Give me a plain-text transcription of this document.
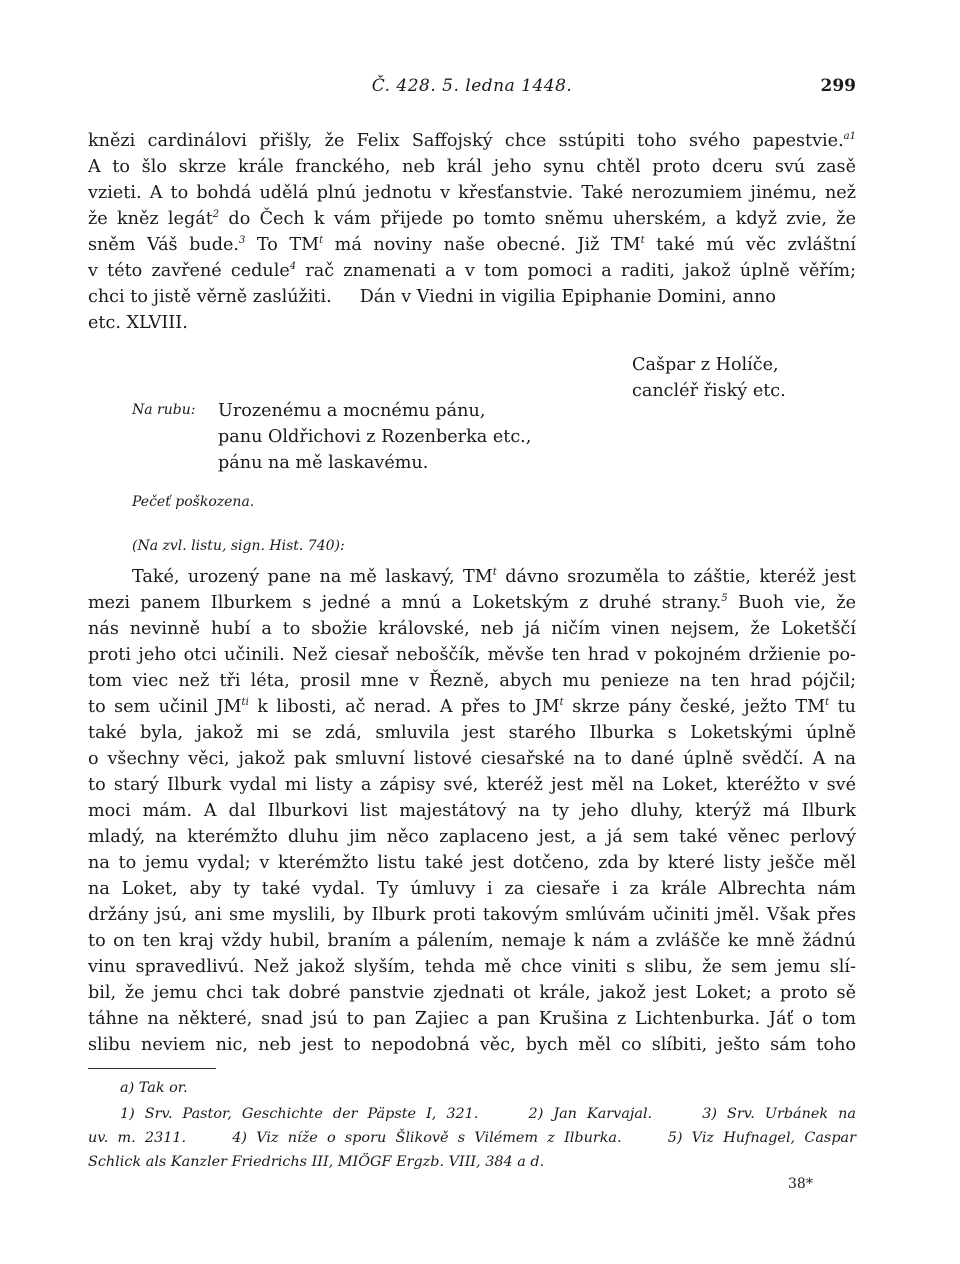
Č. 428. 5. ledna 1448.	299
knězi cardinálovi přišly, že Felix Saffojský chce sstúpiti toho svého papestvie.$^{a1}$
A to šlo skrze krále franckého, neb král jeho synu chtěl proto dceru svú zasě
vzieti. A to bohdá udělá plnú jednotu v křesťanstvie. Také nerozumiem jinému, než
že kněz legát$^2$ do Čech k vám přijede po tomto sněmu uherském, a když zvie, že
sněm Váš bude.$^3$ To $TM^t$ má noviny naše obecné. Již $TM^t$ také mú věc zvláštní
v této zavřené cedule$^4$ rač znamenati a v tom pomoci a raditi, jakož úplně věřím;
chci to jistě věrně zaslúžiti.     Dán v Viedni in vigilia Epiphanie Domini, anno
etc. XLVIII.
Cašpar z Holíče,
cancléř řiský etc.
Na rubu: Urozenému a mocnému pánu,
panu Oldřichovi z Rozenberka etc.,
pánu na mě laskavému.
Pečeť poškozena.
(Na zvl. listu, sign. Hist. 740):
Také, urozený pane na mě laskavý, $TM^t$ dávno srozuměla to záštie, kteréž jest
mezi panem Ilburkem s jedné a mnú a Loketským z druhé strany.$^5$ Buoh vie, že
nás nevinně hubí a to sbožie královské, neb já ničím vinen nejsem, že Loketščí
proti jeho otci učinili. Než ciesař neboščík, měvše ten hrad v pokojném držienie po-
tom viec než tři léta, prosil mne v Řezně, abych mu penieze na ten hrad pójčil;
to sem učinil $JM^{ti}$ k libosti, ač nerad. A přes to $JM^t$ skrze pány české, ježto $TM^t$ tu
také byla, jakož mi se zdá, smluvila jest starého Ilburka s Loketskými úplně
o všechny věci, jakož pak smluvní listové ciesařské na to dané úplně svědčí. A na
to starý Ilburk vydal mi listy a zápisy své, kteréž jest měl na Loket, kteréžto v své
moci mám. A dal Ilburkovi list majestátový na ty jeho dluhy, kterýž má Ilburk
mladý, na kterémžto dluhu jim něco zaplaceno jest, a já sem také věnec perlový
na to jemu vydal; v kterémžto listu také jest dotčeno, zda by které listy ješče měl
na Loket, aby ty také vydal. Ty úmluvy i za ciesaře i za krále Albrechta nám
držány jsú, ani sme myslili, by Ilburk proti takovým smlúvám učiniti jměl. Však přes
to on ten kraj vždy hubil, braním a pálením, nemaje k nám a zvlášče ke mně žádnú
vinu spravedlivú. Než jakož slyším, tehda mě chce viniti s slibu, že sem jemu slí-
bil, že jemu chci tak dobré panstvie zjednati ot krále, jakož jest Loket; a proto sě
táhne na některé, snad jsú to pan Zajiec a pan Krušina z Lichtenburka. Jáť o tom
slibu neviem nic, neb jest to nepodobná věc, bych měl co slíbiti, ješto sám toho
a) Tak or.
1) Srv. Pastor, Geschichte der Päpste I, 321.     2) Jan Karvajal.     3) Srv. Urbánek na
uv. m. 2311.     4) Viz níže o sporu Šlikově s Vilémem z Ilburka.     5) Viz Hufnagel, Caspar
Schlick als Kanzler Friedrichs III, MIÖGF Ergzb. VIII, 384 a d.
38*
